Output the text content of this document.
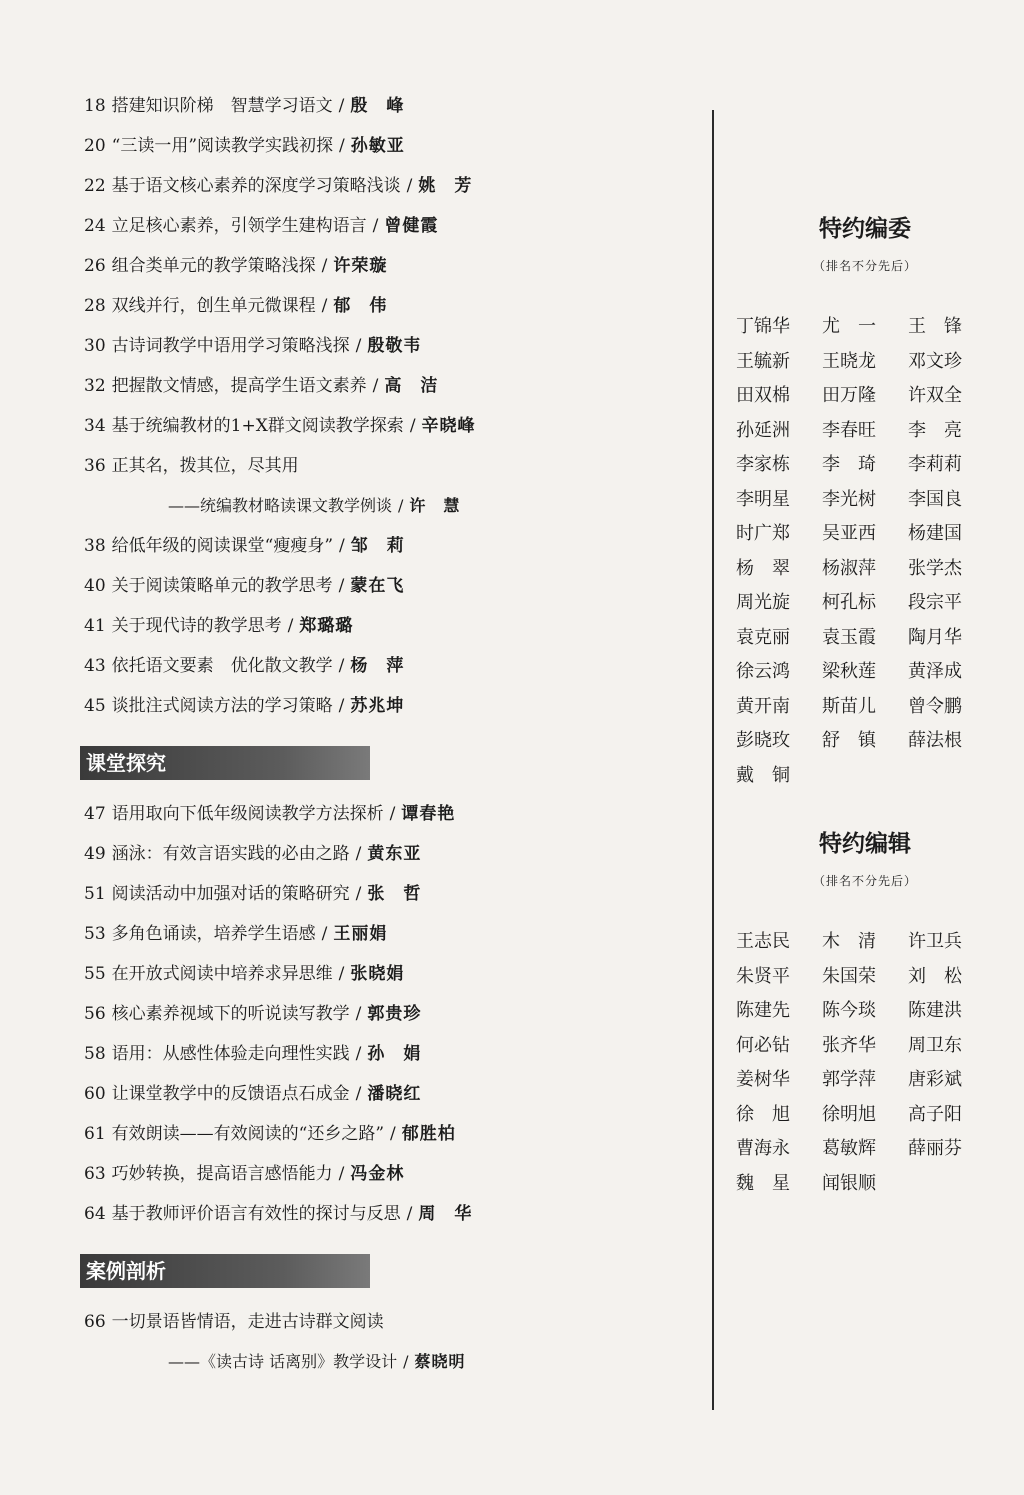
18 搭建知识阶梯　智慧学习语文 / 殷　峰
20 “三读一用”阅读教学实践初探 / 孙敏亚
22 基于语文核心素养的深度学习策略浅谈 / 姚　芳
24 立足核心素养，引领学生建构语言 / 曾健霞
26 组合类单元的教学策略浅探 / 许荣璇
28 双线并行，创生单元微课程 / 郁　伟
30 古诗词教学中语用学习策略浅探 / 殷敬韦
32 把握散文情感，提高学生语文素养 / 高　洁
34 基于统编教材的1+X群文阅读教学探索 / 辛晓峰
36 正其名，拨其位，尽其用
——统编教材略读课文教学例谈 / 许　慧
38 给低年级的阅读课堂“瘦瘦身” / 邹　莉
40 关于阅读策略单元的教学思考 / 蒙在飞
41 关于现代诗的教学思考 / 郑璐璐
43 依托语文要素　优化散文教学 / 杨　萍
45 谈批注式阅读方法的学习策略 / 苏兆坤
课堂探究
47 语用取向下低年级阅读教学方法探析 / 谭春艳
49 涵泳：有效言语实践的必由之路 / 黄东亚
51 阅读活动中加强对话的策略研究 / 张　哲
53 多角色诵读，培养学生语感 / 王丽娟
55 在开放式阅读中培养求异思维 / 张晓娟
56 核心素养视域下的听说读写教学 / 郭贵珍
58 语用：从感性体验走向理性实践 / 孙　娟
60 让课堂教学中的反馈语点石成金 / 潘晓红
61 有效朗读——有效阅读的“还乡之路” / 郁胜柏
63 巧妙转换，提高语言感悟能力 / 冯金林
64 基于教师评价语言有效性的探讨与反思 / 周　华
案例剖析
66 一切景语皆情语，走进古诗群文阅读
——《读古诗 话离别》教学设计 / 蔡晓明
特约编委
（排名不分先后）
丁锦华	尤　一	王　锋
王毓新	王晓龙	邓文珍
田双棉	田万隆	许双全
孙延洲	李春旺	李　亮
李家栋	李　琦	李莉莉
李明星	李光树	李国良
时广郑	吴亚西	杨建国
杨　翠	杨淑萍	张学杰
周光旋	柯孔标	段宗平
袁克丽	袁玉霞	陶月华
徐云鸿	梁秋莲	黄泽成
黄开南	斯苗儿	曾令鹏
彭晓玫	舒　镇	薛法根
戴　铜
特约编辑
（排名不分先后）
王志民	木　清	许卫兵
朱贤平	朱国荣	刘　松
陈建先	陈今琰	陈建洪
何必钻	张齐华	周卫东
姜树华	郭学萍	唐彩斌
徐　旭	徐明旭	高子阳
曹海永	葛敏辉	薛丽芬
魏　星	闻银顺
